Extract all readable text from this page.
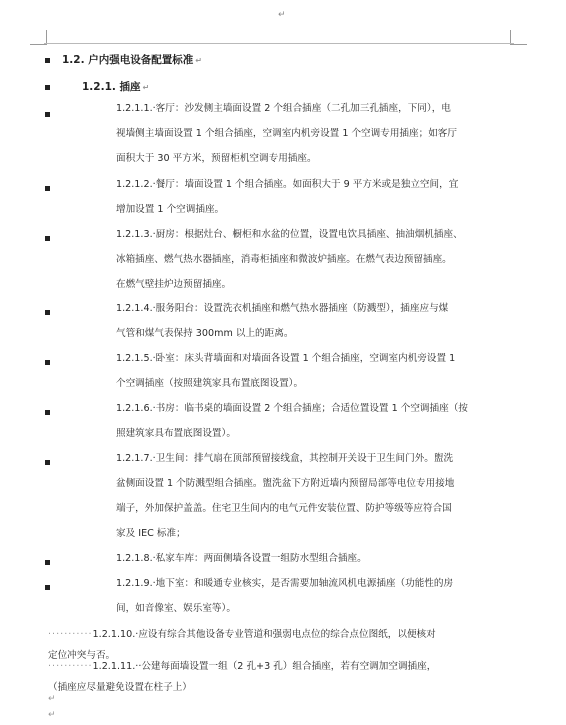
↵
1.2. 户内强电设备配置标准 ↵
1.2.1. 插座 ↵
1.2.1.1.·客厅：沙发侧主墙面设置 2 个组合插座（二孔加三孔插座，下同），电
视墙侧主墙面设置 1 个组合插座，空调室内机旁设置 1 个空调专用插座；如客厅
面积大于 30 平方米，预留柜机空调专用插座。
1.2.1.2.·餐厅：墙面设置 1 个组合插座。如面积大于 9 平方米或是独立空间，宜
增加设置 1 个空调插座。
1.2.1.3.·厨房：根据灶台、橱柜和水盆的位置，设置电饮具插座、抽油烟机插座、
冰箱插座、燃气热水器插座，消毒柜插座和微波炉插座。在燃气表边预留插座。
在燃气壁挂炉边预留插座。
1.2.1.4.·服务阳台：设置洗衣机插座和燃气热水器插座（防溅型），插座应与煤
气管和煤气表保持 300mm 以上的距离。
1.2.1.5.·卧室：床头背墙面和对墙面各设置 1 个组合插座，空调室内机旁设置 1
个空调插座（按照建筑家具布置底图设置）。
1.2.1.6.·书房：临书桌的墙面设置 2 个组合插座；合适位置设置 1 个空调插座（按
照建筑家具布置底图设置）。
1.2.1.7.·卫生间：排气扇在顶部预留接线盒，其控制开关设于卫生间门外。盥洗
盆侧面设置 1 个防溅型组合插座。盥洗盆下方附近墙内预留局部等电位专用接地
端子，外加保护盖盖。住宅卫生间内的电气元件安装位置、防护等级等应符合国
家及 IEC 标准；
1.2.1.8.·私家车库：两面侧墙各设置一组防水型组合插座。
1.2.1.9.·地下室：和暖通专业核实，是否需要加轴流风机电源插座（功能性的房
间，如音像室、娱乐室等）。
···········1.2.1.10.·应设有综合其他设备专业管道和强弱电点位的综合点位图纸，以便核对
定位冲突与否。
···········1.2.1.11.··公建每面墙设置一组（2 孔+3 孔）组合插座，若有空调加空调插座，
（插座应尽量避免设置在柱子上）
↵
↵
